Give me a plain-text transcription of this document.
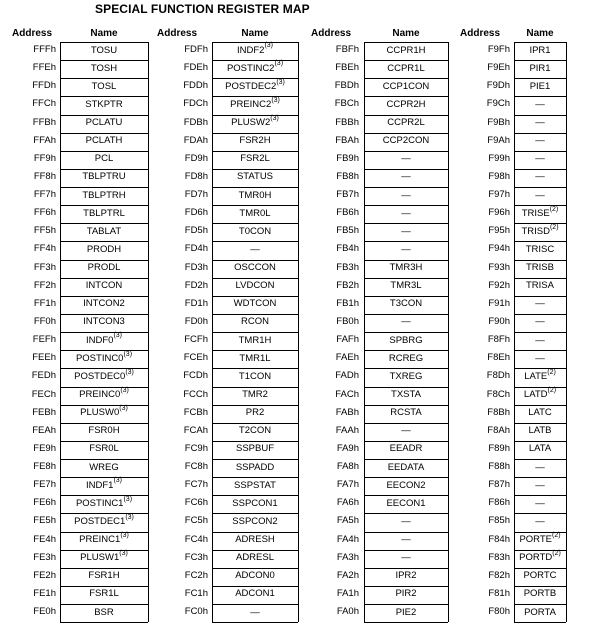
SPECIAL FUNCTION REGISTER MAP
Address	Name
FFFh	TOSU
FFEh	TOSH
FFDh	TOSL
FFCh	STKPTR
FFBh	PCLATU
FFAh	PCLATH
FF9h	PCL
FF8h	TBLPTRU
FF7h	TBLPTRH
FF6h	TBLPTRL
FF5h	TABLAT
FF4h	PRODH
FF3h	PRODL
FF2h	INTCON
FF1h	INTCON2
FF0h	INTCON3
FEFh	INDF0$^{(3)}$
FEEh	POSTINC0$^{(3)}$
FEDh	POSTDEC0$^{(3)}$
FECh	PREINC0$^{(3)}$
FEBh	PLUSW0$^{(3)}$
FEAh	FSR0H
FE9h	FSR0L
FE8h	WREG
FE7h	INDF1$^{(3)}$
FE6h	POSTINC1$^{(3)}$
FE5h	POSTDEC1$^{(3)}$
FE4h	PREINC1$^{(3)}$
FE3h	PLUSW1$^{(3)}$
FE2h	FSR1H
FE1h	FSR1L
FE0h	BSR
Address	Name
FDFh	INDF2$^{(3)}$
FDEh	POSTINC2$^{(3)}$
FDDh	POSTDEC2$^{(3)}$
FDCh	PREINC2$^{(3)}$
FDBh	PLUSW2$^{(3)}$
FDAh	FSR2H
FD9h	FSR2L
FD8h	STATUS
FD7h	TMR0H
FD6h	TMR0L
FD5h	T0CON
FD4h	—
FD3h	OSCCON
FD2h	LVDCON
FD1h	WDTCON
FD0h	RCON
FCFh	TMR1H
FCEh	TMR1L
FCDh	T1CON
FCCh	TMR2
FCBh	PR2
FCAh	T2CON
FC9h	SSPBUF
FC8h	SSPADD
FC7h	SSPSTAT
FC6h	SSPCON1
FC5h	SSPCON2
FC4h	ADRESH
FC3h	ADRESL
FC2h	ADCON0
FC1h	ADCON1
FC0h	—
Address	Name
FBFh	CCPR1H
FBEh	CCPR1L
FBDh	CCP1CON
FBCh	CCPR2H
FBBh	CCPR2L
FBAh	CCP2CON
FB9h	—
FB8h	—
FB7h	—
FB6h	—
FB5h	—
FB4h	—
FB3h	TMR3H
FB2h	TMR3L
FB1h	T3CON
FB0h	—
FAFh	SPBRG
FAEh	RCREG
FADh	TXREG
FACh	TXSTA
FABh	RCSTA
FAAh	—
FA9h	EEADR
FA8h	EEDATA
FA7h	EECON2
FA6h	EECON1
FA5h	—
FA4h	—
FA3h	—
FA2h	IPR2
FA1h	PIR2
FA0h	PIE2
Address	Name
F9Fh	IPR1
F9Eh	PIR1
F9Dh	PIE1
F9Ch	—
F9Bh	—
F9Ah	—
F99h	—
F98h	—
F97h	—
F96h	TRISE$^{(2)}$
F95h	TRISD$^{(2)}$
F94h	TRISC
F93h	TRISB
F92h	TRISA
F91h	—
F90h	—
F8Fh	—
F8Eh	—
F8Dh	LATE$^{(2)}$
F8Ch	LATD$^{(2)}$
F8Bh	LATC
F8Ah	LATB
F89h	LATA
F88h	—
F87h	—
F86h	—
F85h	—
F84h PORTE$^{(2)}$
F83h PORTD$^{(2)}$
F82h	PORTC
F81h	PORTB
F80h	PORTA
